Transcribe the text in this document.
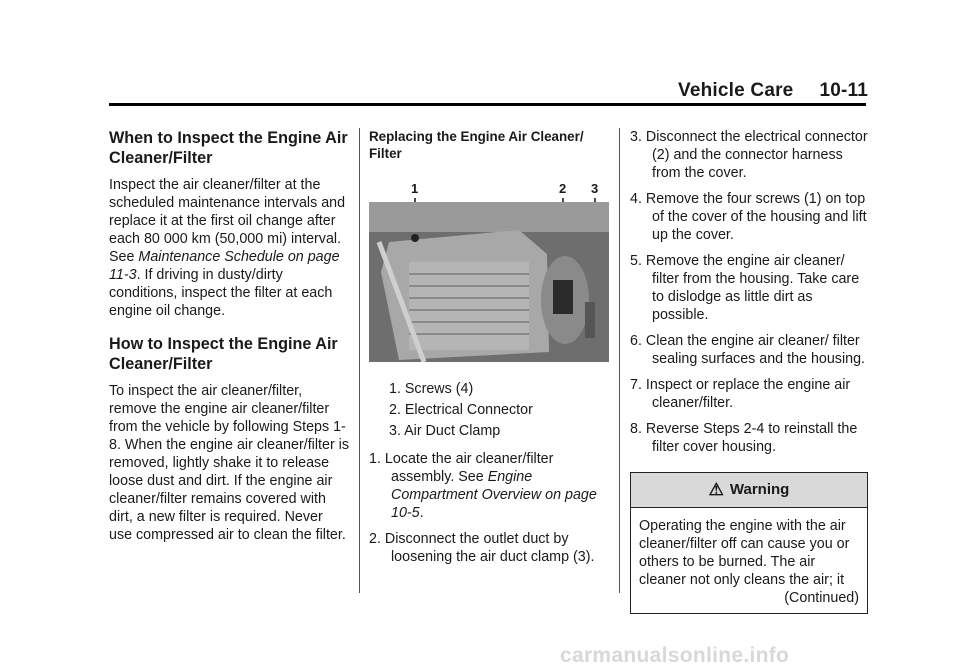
Vehicle Care 10-11
When to Inspect the Engine Air Cleaner/Filter

Inspect the air cleaner/filter at the scheduled maintenance intervals and replace it at the first oil change after each 80 000 km (50,000 mi) interval. See Maintenance Schedule on page 11-3. If driving in dusty/dirty conditions, inspect the filter at each engine oil change.

How to Inspect the Engine Air Cleaner/Filter

To inspect the air cleaner/filter, remove the engine air cleaner/filter from the vehicle by following Steps 1-8. When the engine air cleaner/filter is removed, lightly shake it to release loose dust and dirt. If the engine air cleaner/filter remains covered with dirt, a new filter is required. Never use compressed air to clean the filter.

Replacing the Engine Air Cleaner/ Filter
1	2 3
1. Screws (4)
2. Electrical Connector
3. Air Duct Clamp
1. Locate the air cleaner/filter assembly. See Engine Compartment Overview on page 10-5.
2. Disconnect the outlet duct by loosening the air duct clamp (3).
3. Disconnect the electrical connector (2) and the connector harness from the cover.
4. Remove the four screws (1) on top of the cover of the housing and lift up the cover.
5. Remove the engine air cleaner/ filter from the housing. Take care to dislodge as little dirt as possible.
6. Clean the engine air cleaner/ filter sealing surfaces and the housing.
7. Inspect or replace the engine air cleaner/filter.
8. Reverse Steps 2-4 to reinstall the filter cover housing.
⚠ Warning

Operating the engine with the air cleaner/filter off can cause you or others to be burned. The air cleaner not only cleans the air; it

(Continued)

carmanualsonline.info
